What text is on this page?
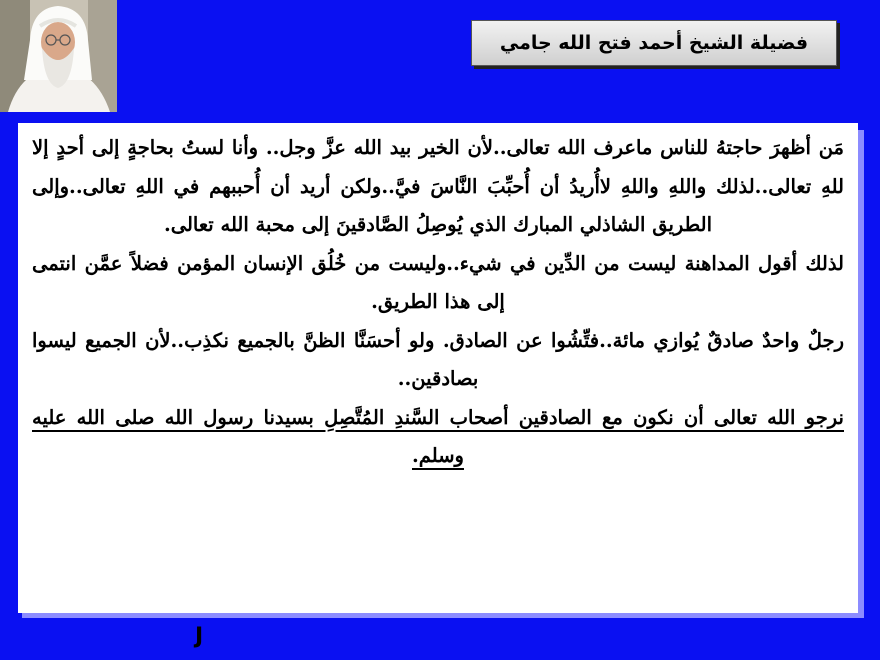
فضيلة الشيخ أحمد فتح الله جامي

مَن أظهرَ حاجتهُ للناس ماعرف الله تعالى..لأن الخير بيد الله عزَّ وجل.. وأنا لستُ بحاجةٍ إلى أحدٍ إلا للهِ تعالى..لذلك واللهِ واللهِ لاأُريدُ أن أُحبِّبَ النَّاسَ فيَّ..ولكن أريد أن أُحببهم في اللهِ تعالى..وإلى الطريق الشاذلي المبارك الذي يُوصِلُ الصَّادقينَ إلى محبة الله تعالى.

لذلك أقول المداهنة ليست من الدِّين في شيء..وليست من خُلُق الإنسان المؤمن فضلاً عمَّن انتمى إلى هذا الطريق.

رجلٌ واحدٌ صادقٌ يُوازي مائة..فتِّشُوا عن الصادق. ولو أحسَنَّا الظنَّ بالجميع نكذِب..لأن الجميع ليسوا بصادقين..

نرجو الله تعالى أن نكون مع الصادقين أصحاب السَّندِ المُتَّصِلِ بسيدنا رسول الله صلى الله عليه وسلم.

J
